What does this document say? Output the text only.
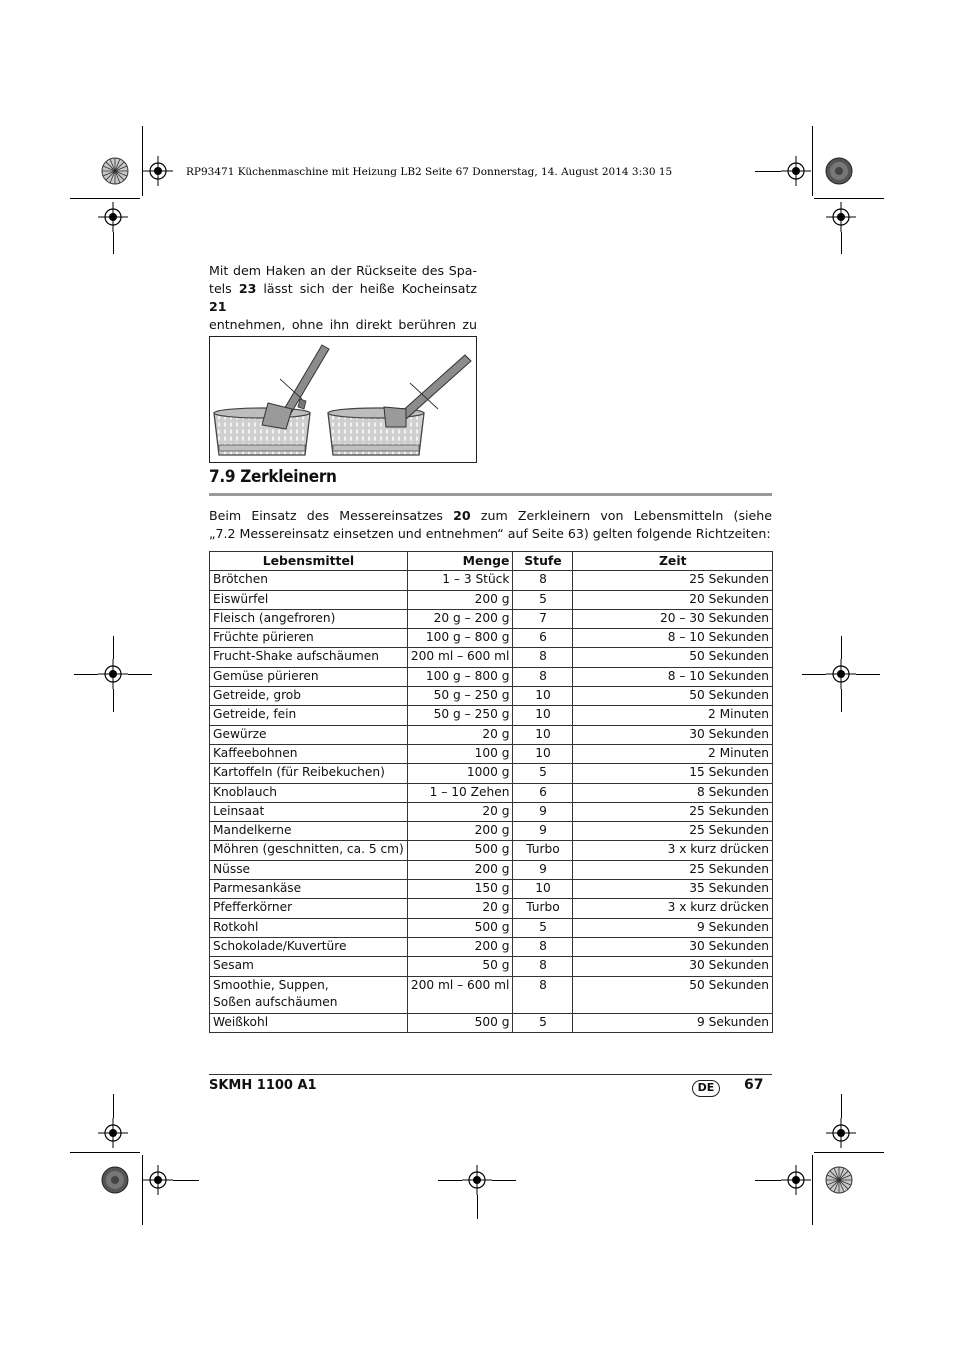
RP93471 Küchenmaschine mit Heizung LB2 Seite 67 Donnerstag, 14. August 2014 3:30 15
Mit dem Haken an der Rückseite des Spa-
tels 23 lässt sich der heiße Kocheinsatz 21
entnehmen, ohne ihn direkt berühren zu
7.9 Zerkleinern
Beim Einsatz des Messereinsatzes 20 zum Zerkleinern von Lebensmitteln (siehe
„7.2 Messereinsatz einsetzen und entnehmen“ auf Seite 63) gelten folgende Richtzeiten:
Lebensmittel	Menge	Stufe	Zeit
Brötchen	1 – 3 Stück	8	25 Sekunden
Eiswürfel	200 g	5	20 Sekunden
Fleisch (angefroren)	20 g – 200 g	7	20 – 30 Sekunden
Früchte pürieren	100 g – 800 g	6	8 – 10 Sekunden
Frucht-Shake aufschäumen	200 ml – 600 ml	8	50 Sekunden
Gemüse pürieren	100 g – 800 g	8	8 – 10 Sekunden
Getreide, grob	50 g – 250 g	10	50 Sekunden
Getreide, fein	50 g – 250 g	10	2 Minuten
Gewürze	20 g	10	30 Sekunden
Kaffeebohnen	100 g	10	2 Minuten
Kartoffeln (für Reibekuchen)	1000 g	5	15 Sekunden
Knoblauch	1 – 10 Zehen	6	8 Sekunden
Leinsaat	20 g	9	25 Sekunden
Mandelkerne	200 g	9	25 Sekunden
Möhren (geschnitten, ca. 5 cm)	500 g	Turbo	3 x kurz drücken
Nüsse	200 g	9	25 Sekunden
Parmesankäse	150 g	10	35 Sekunden
Pfefferkörner	20 g	Turbo	3 x kurz drücken
Rotkohl	500 g	5	9 Sekunden
Schokolade/Kuvertüre	200 g	8	30 Sekunden
Sesam	50 g	8	30 Sekunden

Smoothie, Suppen,
Soßen aufschäumen	200 ml – 600 ml	8	50 Sekunden
Weißkohl	500 g	5	9 Sekunden
SKMH 1100 A1	DE	67
